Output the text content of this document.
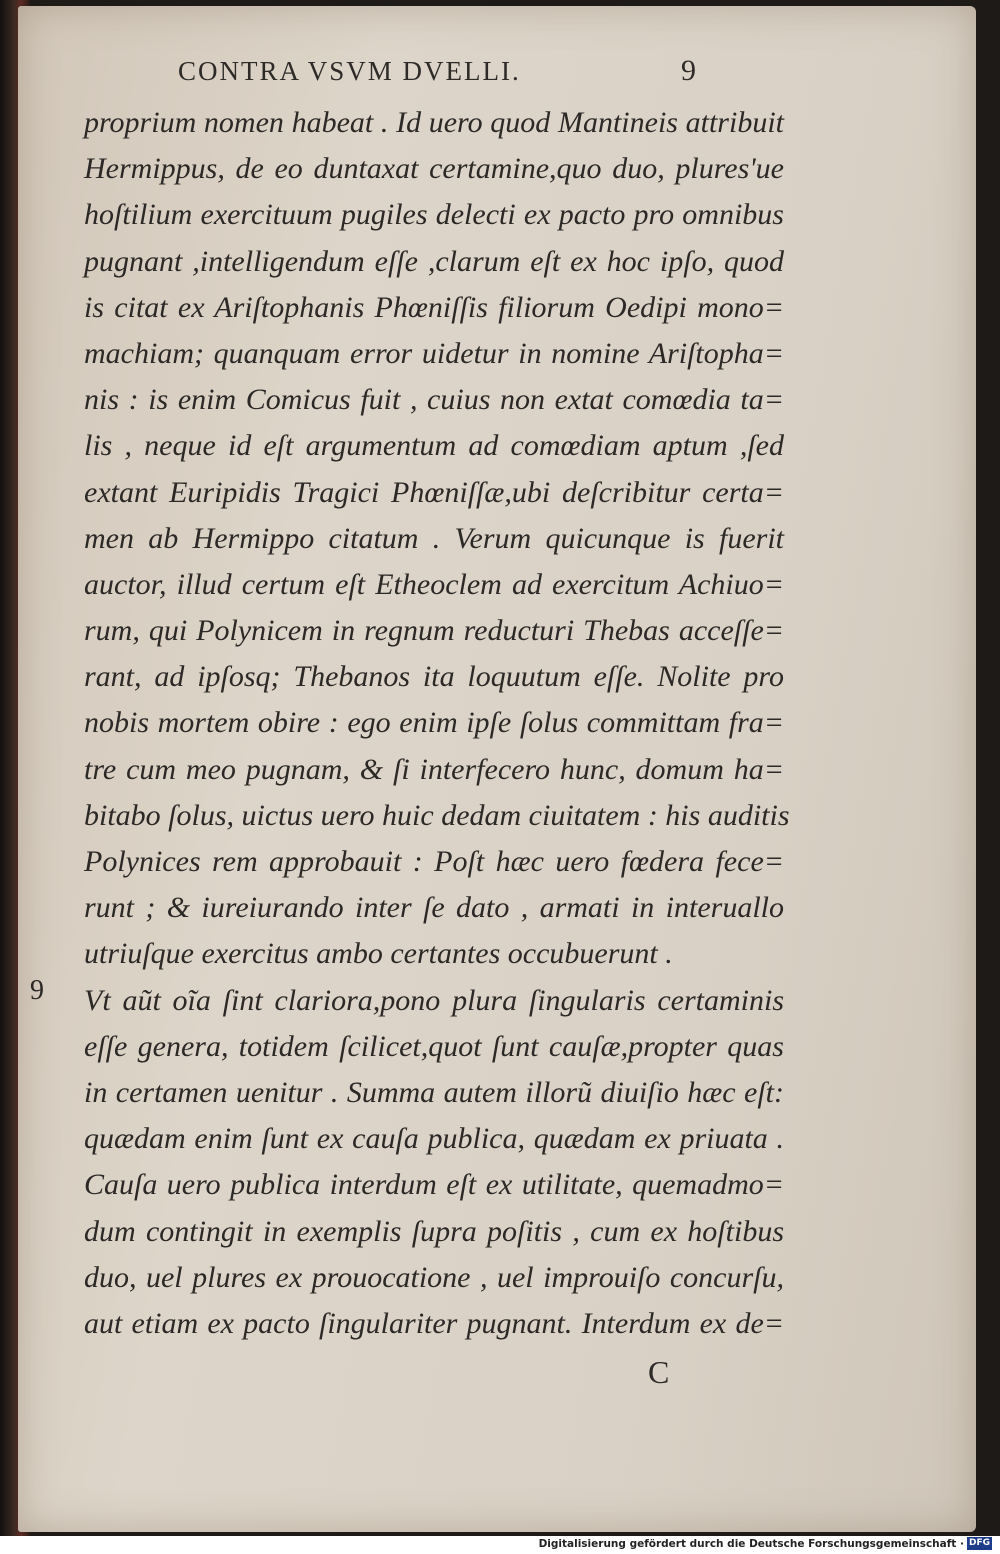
CONTRA VSVM DVELLI.	9
proprium nomen habeat . Id uero quod Mantineis attribuit
Hermippus, de eo duntaxat certamine,quo duo, plures'ue
hoſtilium exercituum pugiles delecti ex pacto pro omnibus
pugnant ,intelligendum eſſe ,clarum eſt ex hoc ipſo, quod
is citat ex Ariſtophanis Phœniſſis filiorum Oedipi mono=
machiam; quanquam error uidetur in nomine Ariſtopha=
nis : is enim Comicus fuit , cuius non extat comœdia ta=
lis , neque id eſt argumentum ad comœdiam aptum ,ſed
extant Euripidis Tragici Phœniſſæ,ubi deſcribitur certa=
men ab Hermippo citatum . Verum quicunque is fuerit
auctor, illud certum eſt Etheoclem ad exercitum Achiuo=
rum, qui Polynicem in regnum reducturi Thebas acceſſe=
rant, ad ipſosq; Thebanos ita loquutum eſſe. Nolite pro
nobis mortem obire : ego enim ipſe ſolus committam fra=
tre cum meo pugnam, & ſi interfecero hunc, domum ha=
bitabo ſolus, uictus uero huic dedam ciuitatem : his auditis
Polynices rem approbauit : Poſt hæc uero fœdera fece=
runt ; & iureiurando inter ſe dato , armati in interuallo
utriuſque exercitus ambo certantes occubuerunt .
Vt aũt oĩa ſint clariora,pono plura ſingularis certaminis
eſſe genera, totidem ſcilicet,quot ſunt cauſæ,propter quas
in certamen uenitur . Summa autem illorũ diuiſio hæc eſt:
quædam enim ſunt ex cauſa publica, quædam ex priuata .
Cauſa uero publica interdum eſt ex utilitate, quemadmo=
dum contingit in exemplis ſupra poſitis , cum ex hoſtibus
duo, uel plures ex prouocatione , uel improuiſo concurſu,
aut etiam ex pacto ſingulariter pugnant. Interdum ex de=
C
9
Digitalisierung gefördert durch die Deutsche Forschungsgemeinschaft · DFG
